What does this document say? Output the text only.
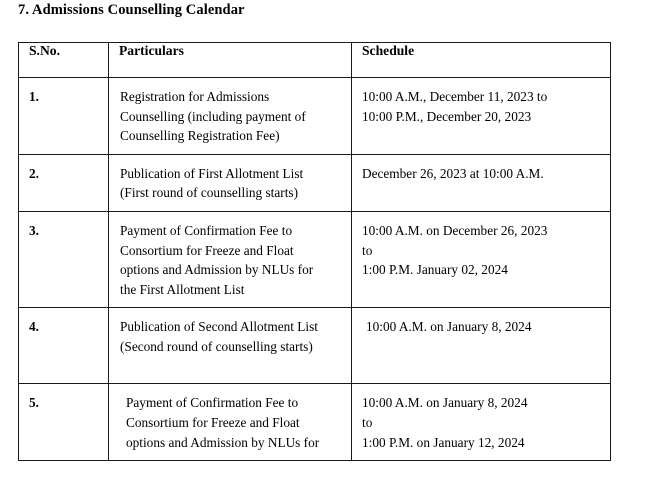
7. Admissions Counselling Calendar
S.No.	Particulars	Schedule

1.	Registration for Admissions
Counselling (including payment of
Counselling Registration Fee)	10:00 A.M., December 11, 2023 to
10:00 P.M., December 20, 2023

2.	Publication of First Allotment List
(First round of counselling starts)	December 26, 2023 at 10:00 A.M.

3.	Payment of Confirmation Fee to
Consortium for Freeze and Float
options and Admission by NLUs for
the First Allotment List	10:00 A.M. on December 26, 2023
to
1:00 P.M. January 02, 2024

4.	Publication of Second Allotment List
(Second round of counselling starts)	10:00 A.M. on January 8, 2024

5.	Payment of Confirmation Fee to
Consortium for Freeze and Float
options and Admission by NLUs for	10:00 A.M. on January 8, 2024
to
1:00 P.M. on January 12, 2024
